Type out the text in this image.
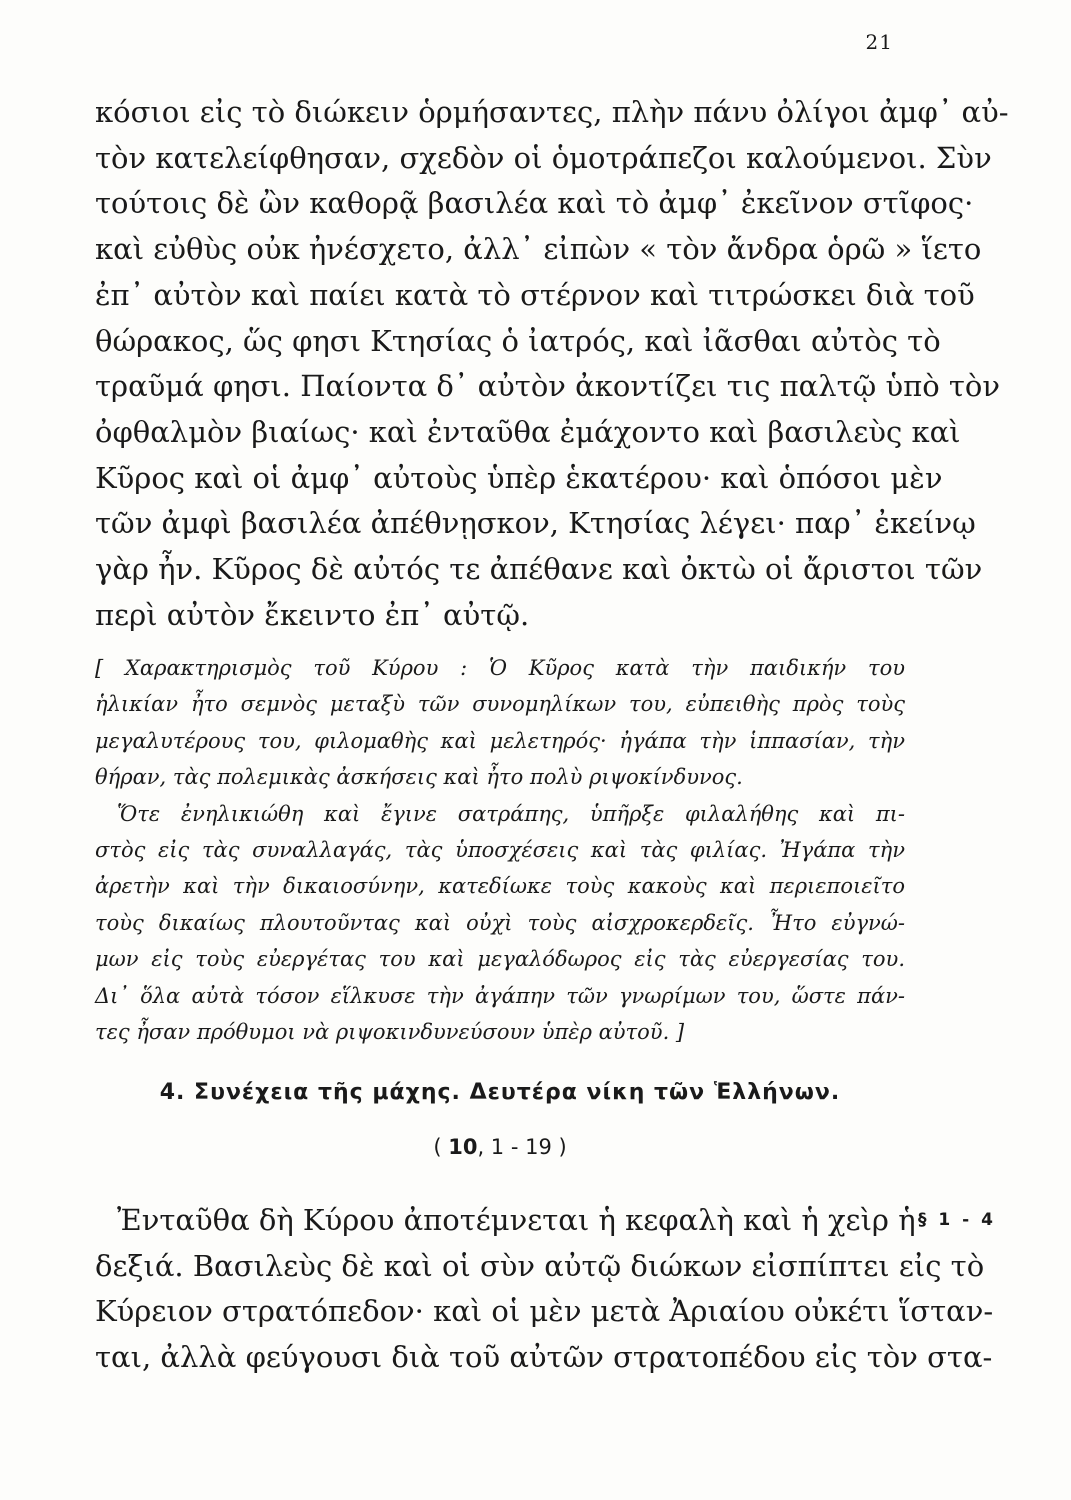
21
κόσιοι εἰς τὸ διώκειν ὁρμήσαντες, πλὴν πάνυ ὀλίγοι ἀμφ᾽ αὐ-
τὸν κατελείφθησαν, σχεδὸν οἱ ὁμοτράπεζοι καλούμενοι. Σὺν
τούτοις δὲ ὢν καθορᾷ βασιλέα καὶ τὸ ἀμφ᾽ ἐκεῖνον στῖφος·
καὶ εὐθὺς οὐκ ἠνέσχετο, ἀλλ᾽ εἰπὼν « τὸν ἄνδρα ὁρῶ » ἵετο
ἐπ᾽ αὐτὸν καὶ παίει κατὰ τὸ στέρνον καὶ τιτρώσκει διὰ τοῦ
θώρακος, ὥς φησι Κτησίας ὁ ἰατρός, καὶ ἰᾶσθαι αὐτὸς τὸ
τραῦμά φησι. Παίοντα δ᾽ αὐτὸν ἀκοντίζει τις παλτῷ ὑπὸ τὸν
ὀφθαλμὸν βιαίως· καὶ ἐνταῦθα ἐμάχοντο καὶ βασιλεὺς καὶ
Κῦρος καὶ οἱ ἀμφ᾽ αὐτοὺς ὑπὲρ ἑκατέρου· καὶ ὁπόσοι μὲν
τῶν ἀμφὶ βασιλέα ἀπέθνῃσκον, Κτησίας λέγει· παρ᾽ ἐκείνῳ
γὰρ ἦν. Κῦρος δὲ αὐτός τε ἀπέθανε καὶ ὀκτὼ οἱ ἄριστοι τῶν
περὶ αὐτὸν ἔκειντο ἐπ᾽ αὐτῷ.
[ Χαρακτηρισμὸς τοῦ Κύρου : Ὁ Κῦρος κατὰ τὴν παιδικήν του
ἡλικίαν ἦτο σεμνὸς μεταξὺ τῶν συνομηλίκων του, εὐπειθὴς πρὸς τοὺς
μεγαλυτέρους του, φιλομαθὴς καὶ μελετηρός· ἠγάπα τὴν ἱππασίαν, τὴν
θήραν, τὰς πολεμικὰς ἀσκήσεις καὶ ἦτο πολὺ ριψοκίνδυνος.
Ὅτε ἐνηλικιώθη καὶ ἔγινε σατράπης, ὑπῆρξε φιλαλήθης καὶ πι-
στὸς εἰς τὰς συναλλαγάς, τὰς ὑποσχέσεις καὶ τὰς φιλίας. Ἠγάπα τὴν
ἀρετὴν καὶ τὴν δικαιοσύνην, κατεδίωκε τοὺς κακοὺς καὶ περιεποιεῖτο
τοὺς δικαίως πλουτοῦντας καὶ οὐχὶ τοὺς αἰσχροκερδεῖς. Ἦτο εὐγνώ-
μων εἰς τοὺς εὐεργέτας του καὶ μεγαλόδωρος εἰς τὰς εὐεργεσίας του.
Δι᾽ ὅλα αὐτὰ τόσον εἵλκυσε τὴν ἀγάπην τῶν γνωρίμων του, ὥστε πάν-
τες ἦσαν πρόθυμοι νὰ ριψοκινδυνεύσουν ὑπὲρ αὐτοῦ. ]
4. Συνέχεια τῆς μάχης. Δευτέρα νίκη τῶν Ἑλλήνων.
( 10, 1 - 19 )
Ἐνταῦθα δὴ Κύρου ἀποτέμνεται ἡ κεφαλὴ καὶ ἡ χεὶρ ἡ
δεξιά. Βασιλεὺς δὲ καὶ οἱ σὺν αὐτῷ διώκων εἰσπίπτει εἰς τὸ
Κύρειον στρατόπεδον· καὶ οἱ μὲν μετὰ Ἀριαίου οὐκέτι ἵσταν-
ται, ἀλλὰ φεύγουσι διὰ τοῦ αὐτῶν στρατοπέδου εἰς τὸν στα-
§ 1 - 4
